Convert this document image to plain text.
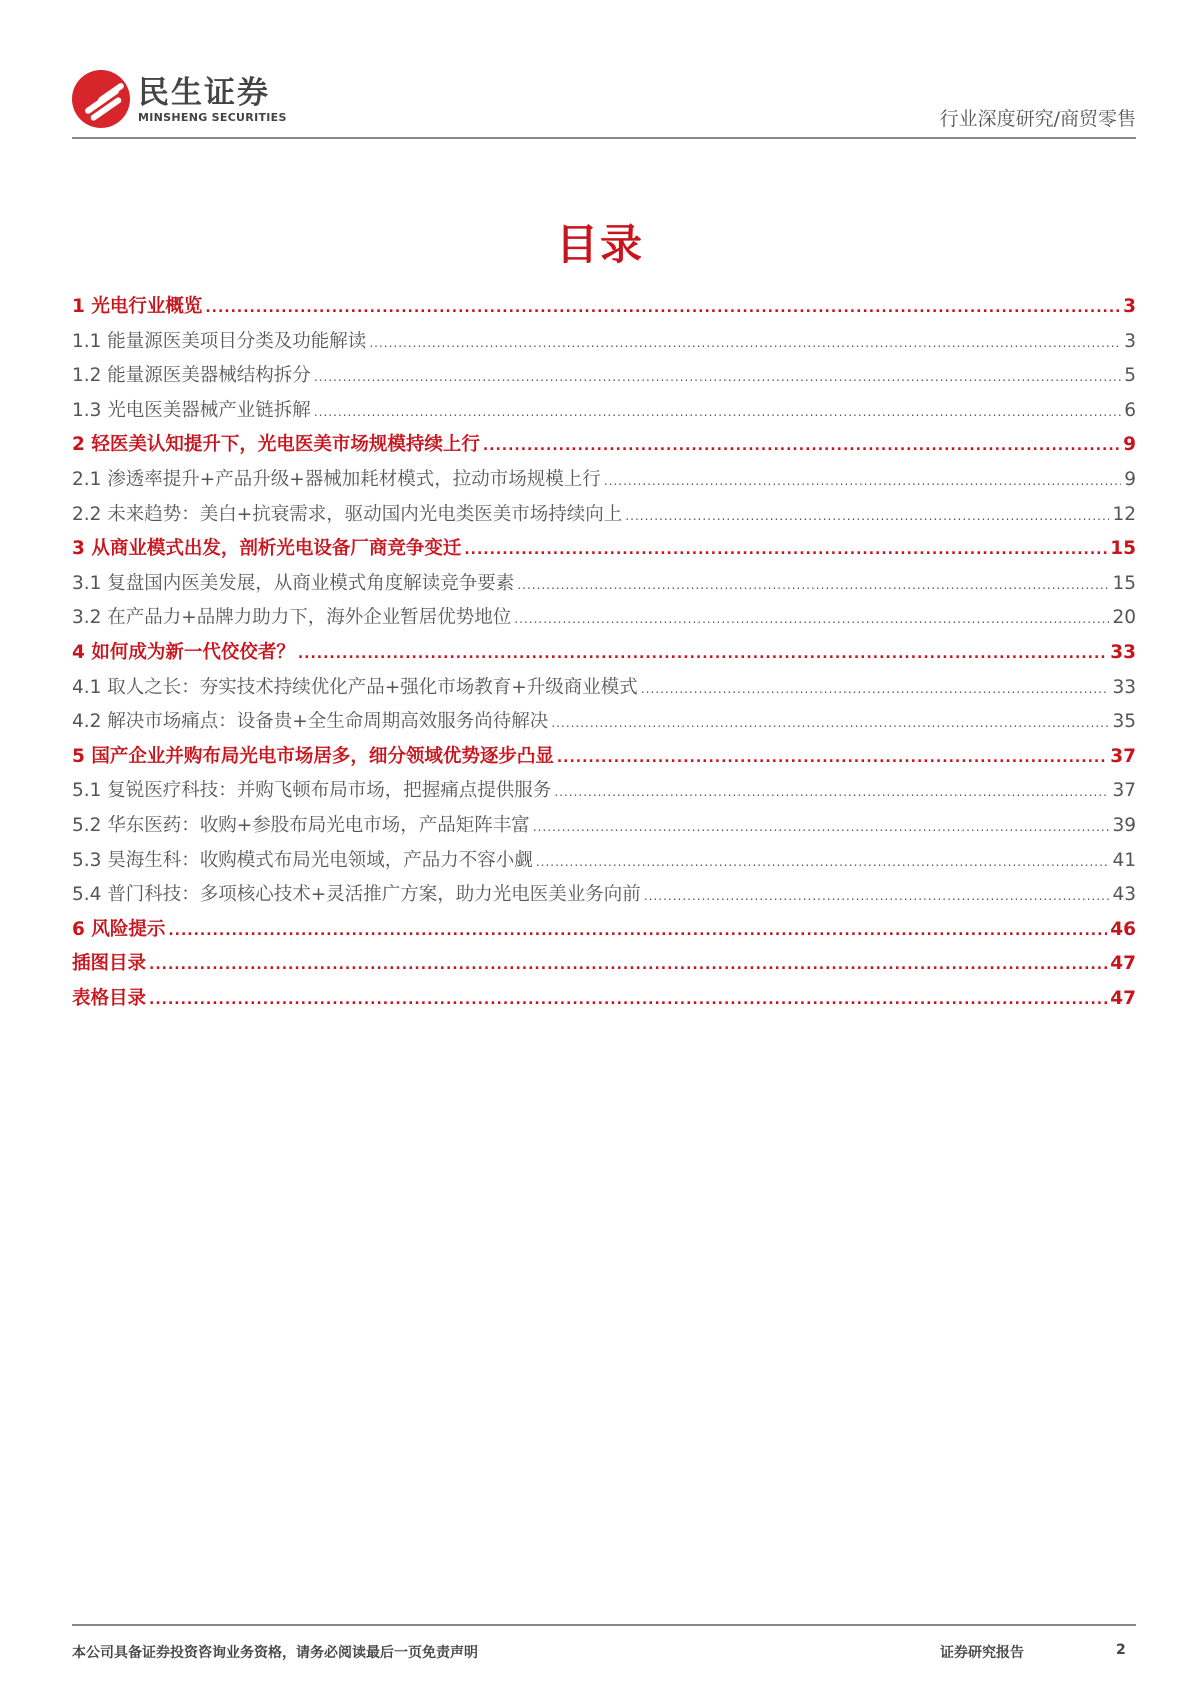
民生证券
MINSHENG SECURITIES	行业深度研究/商贸零售
目录
1 光电行业概览 .....	3
1.1 能量源医美项目分类及功能解读 .....	3
1.2 能量源医美器械结构拆分 .....	5
1.3 光电医美器械产业链拆解 .....	6
2 轻医美认知提升下，光电医美市场规模持续上行 .....	9
2.1 渗透率提升+产品升级+器械加耗材模式，拉动市场规模上行 .....	9
2.2 未来趋势：美白+抗衰需求，驱动国内光电类医美市场持续向上 .....	12
3 从商业模式出发，剖析光电设备厂商竞争变迁 .....	15
3.1 复盘国内医美发展，从商业模式角度解读竞争要素 .....	15
3.2 在产品力+品牌力助力下，海外企业暂居优势地位 .....	20
4 如何成为新一代佼佼者？ .....	33
4.1 取人之长：夯实技术持续优化产品+强化市场教育+升级商业模式 .....	33
4.2 解决市场痛点：设备贵+全生命周期高效服务尚待解决 .....	35
5 国产企业并购布局光电市场居多，细分领域优势逐步凸显 .....	37
5.1 复锐医疗科技：并购飞顿布局市场，把握痛点提供服务 .....	37
5.2 华东医药：收购+参股布局光电市场，产品矩阵丰富 .....	39
5.3 昊海生科：收购模式布局光电领域，产品力不容小觑 .....	41
5.4 普门科技：多项核心技术+灵活推广方案，助力光电医美业务向前 .....	43
6 风险提示 .....	46
插图目录 .....	47
表格目录 .....	47
本公司具备证券投资咨询业务资格，请务必阅读最后一页免责声明	证券研究报告	2
